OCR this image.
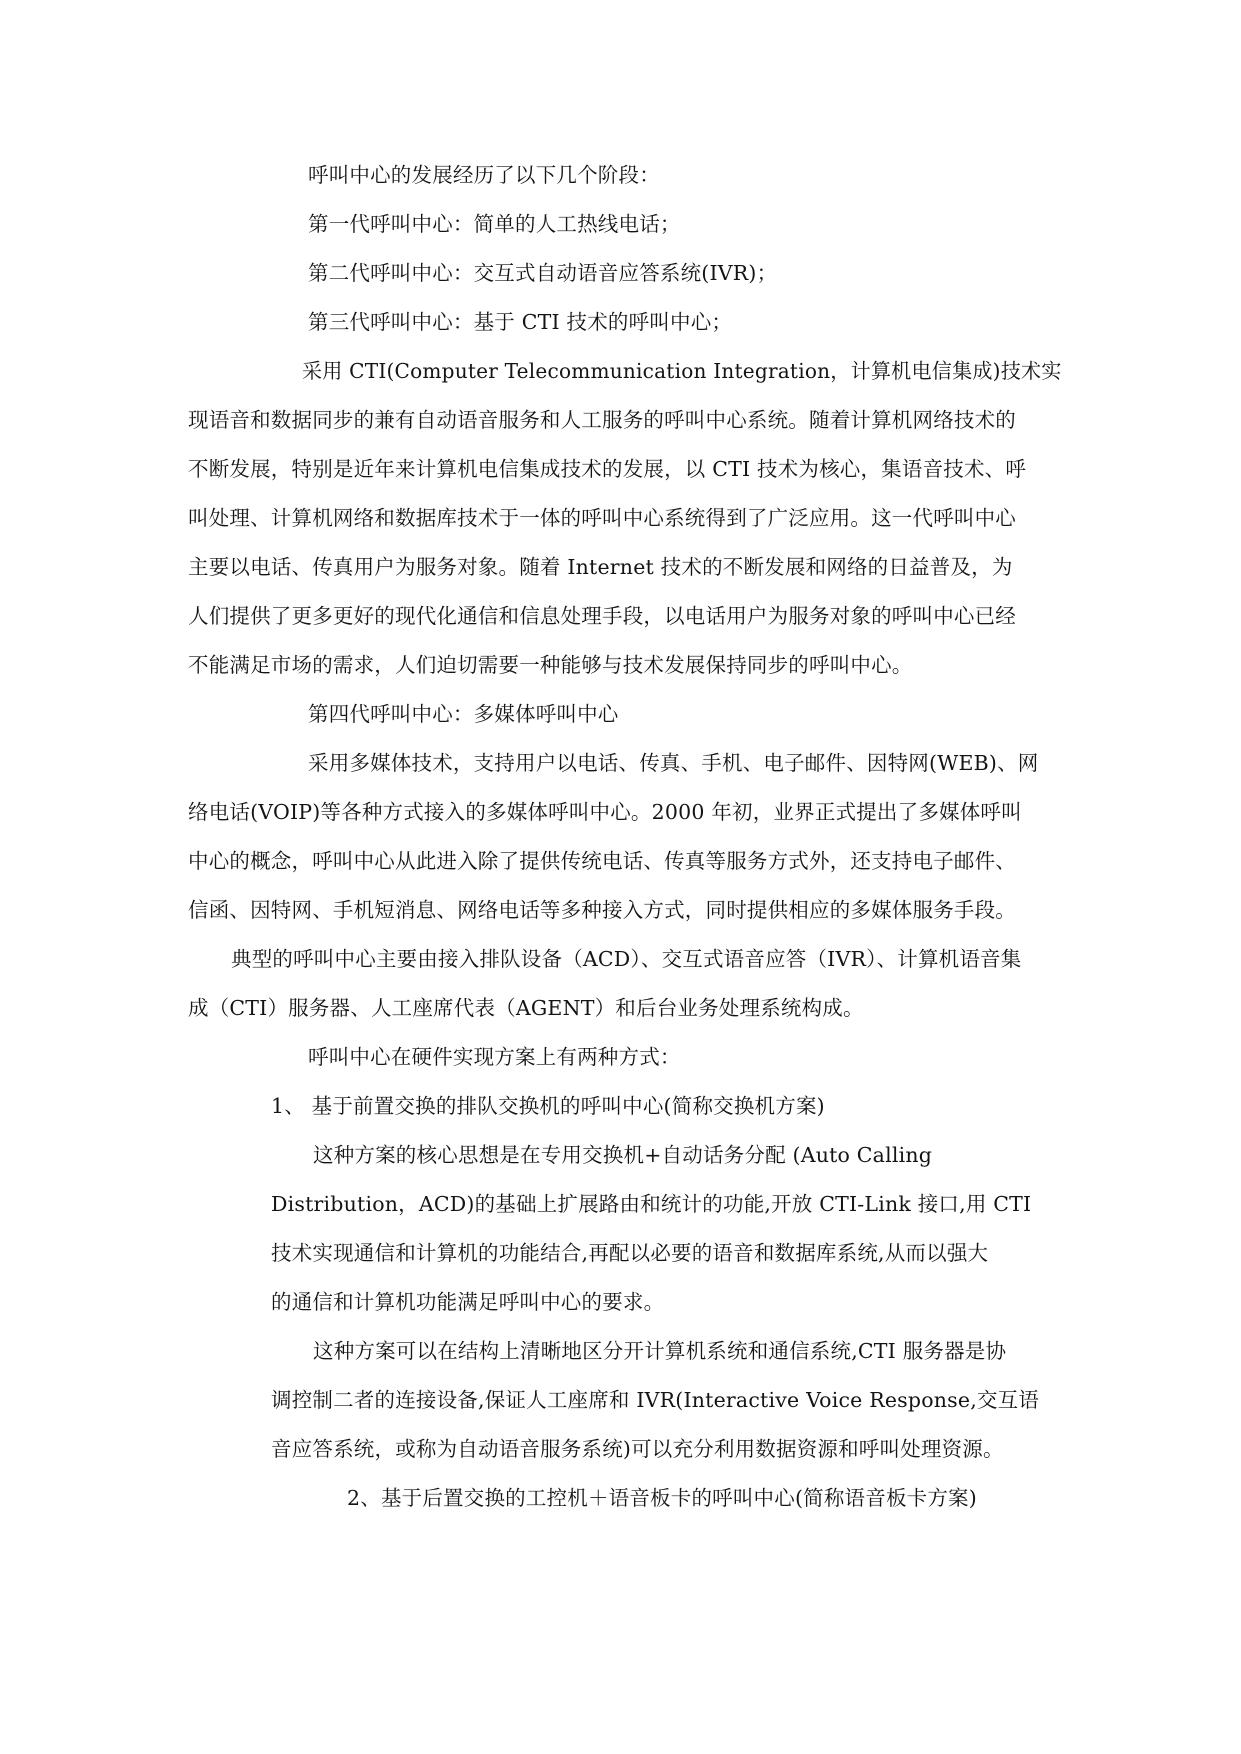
呼叫中心的发展经历了以下几个阶段：
第一代呼叫中心：简单的人工热线电话；
第二代呼叫中心：交互式自动语音应答系统(IVR)；
第三代呼叫中心：基于 CTI 技术的呼叫中心；
采用 CTI(Computer Telecommunication Integration，计算机电信集成)技术实
现语音和数据同步的兼有自动语音服务和人工服务的呼叫中心系统。随着计算机网络技术的
不断发展，特别是近年来计算机电信集成技术的发展，以 CTI 技术为核心，集语音技术、呼
叫处理、计算机网络和数据库技术于一体的呼叫中心系统得到了广泛应用。这一代呼叫中心
主要以电话、传真用户为服务对象。随着 Internet 技术的不断发展和网络的日益普及，为
人们提供了更多更好的现代化通信和信息处理手段，以电话用户为服务对象的呼叫中心已经
不能满足市场的需求，人们迫切需要一种能够与技术发展保持同步的呼叫中心。
第四代呼叫中心：多媒体呼叫中心
采用多媒体技术，支持用户以电话、传真、手机、电子邮件、因特网(WEB)、网
络电话(VOIP)等各种方式接入的多媒体呼叫中心。2000 年初，业界正式提出了多媒体呼叫
中心的概念，呼叫中心从此进入除了提供传统电话、传真等服务方式外，还支持电子邮件、
信函、因特网、手机短消息、网络电话等多种接入方式，同时提供相应的多媒体服务手段。
典型的呼叫中心主要由接入排队设备（ACD）、交互式语音应答（IVR）、计算机语音集
成（CTI）服务器、人工座席代表（AGENT）和后台业务处理系统构成。
呼叫中心在硬件实现方案上有两种方式：
1、 基于前置交换的排队交换机的呼叫中心(简称交换机方案)
这种方案的核心思想是在专用交换机+自动话务分配 (Auto Calling
Distribution，ACD)的基础上扩展路由和统计的功能,开放 CTI-Link 接口,用 CTI
技术实现通信和计算机的功能结合,再配以必要的语音和数据库系统,从而以强大
的通信和计算机功能满足呼叫中心的要求。
这种方案可以在结构上清晰地区分开计算机系统和通信系统,CTI 服务器是协
调控制二者的连接设备,保证人工座席和 IVR(Interactive Voice Response,交互语
音应答系统，或称为自动语音服务系统)可以充分利用数据资源和呼叫处理资源。
2、基于后置交换的工控机＋语音板卡的呼叫中心(简称语音板卡方案)
